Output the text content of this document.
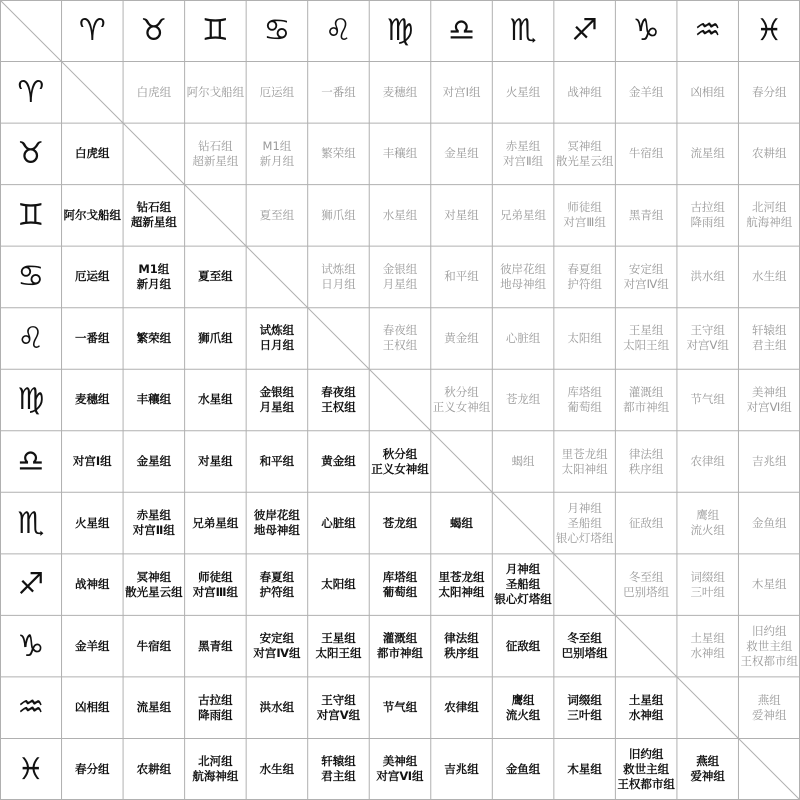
♈
♈
♉
♉
♊
♊
♋
♋
♌
♌
♍
♍
♎
♎
♏
♏
♐
♐
♑
♑
♒
♒
♓
♓
白虎组 阿尔戈船组 厄运组 一番组 麦穗组 对宫Ⅰ组 火星组 战神组 金羊组 凶相组 春分组
白虎组
钻石组
超新星组
M1组
新月组
繁荣组 丰穰组 金星组
赤星组
对宫Ⅱ组
冥神组
散光星云组
牛宿组 流星组 农耕组
阿尔戈船组
钻石组
超新星组
夏至组 狮爪组 水星组 对星组 兄弟星组
师徒组
对宫Ⅲ组
黑青组
古拉组
降雨组
北河组
航海神组
厄运组
M1组
新月组
夏至组
试炼组
日月组
金银组
月星组
和平组
彼岸花组
地母神组
春夏组
护符组
安定组
对宫Ⅳ组
洪水组 水生组
一番组 繁荣组 狮爪组
试炼组
日月组
春夜组
王权组
黄金组 心脏组 太阳组
王星组
太阳王组
王守组
对宫Ⅴ组
轩辕组
君主组
麦穗组 丰穰组 水星组
金银组
月星组
春夜组
王权组
秋分组
正义女神组
苍龙组
库塔组
葡萄组
灌溉组
都市神组
节气组
美神组
对宫Ⅵ组
对宫Ⅰ组 金星组 对星组 和平组 黄金组
秋分组
正义女神组
蝎组
里苍龙组
太阳神组
律法组
秩序组
农律组 吉兆组
火星组
赤星组
对宫Ⅱ组
兄弟星组
彼岸花组
地母神组
心脏组 苍龙组	蝎组
月神组
圣船组
银心灯塔组
征敌组
鹰组
流火组
金鱼组
战神组
冥神组
散光星云组
师徒组
对宫Ⅲ组
春夏组
护符组
太阳组
库塔组
葡萄组
里苍龙组
太阳神组
月神组
圣船组
银心灯塔组
冬至组
巴别塔组
词缀组
三叶组
木星组
金羊组 牛宿组 黑青组
安定组
对宫Ⅳ组
王星组
太阳王组
灌溉组
都市神组
律法组
秩序组
征敌组
冬至组
巴别塔组
土星组
水神组
旧约组
救世主组
王权都市组
凶相组 流星组
古拉组
降雨组
洪水组
王守组
对宫Ⅴ组
节气组 农律组
鹰组
流火组
词缀组
三叶组
土星组
水神组
燕组
爱神组
春分组 农耕组
北河组
航海神组
水生组
轩辕组
君主组
美神组
对宫Ⅵ组
吉兆组 金鱼组 木星组
旧约组
救世主组
王权都市组
燕组
爱神组
